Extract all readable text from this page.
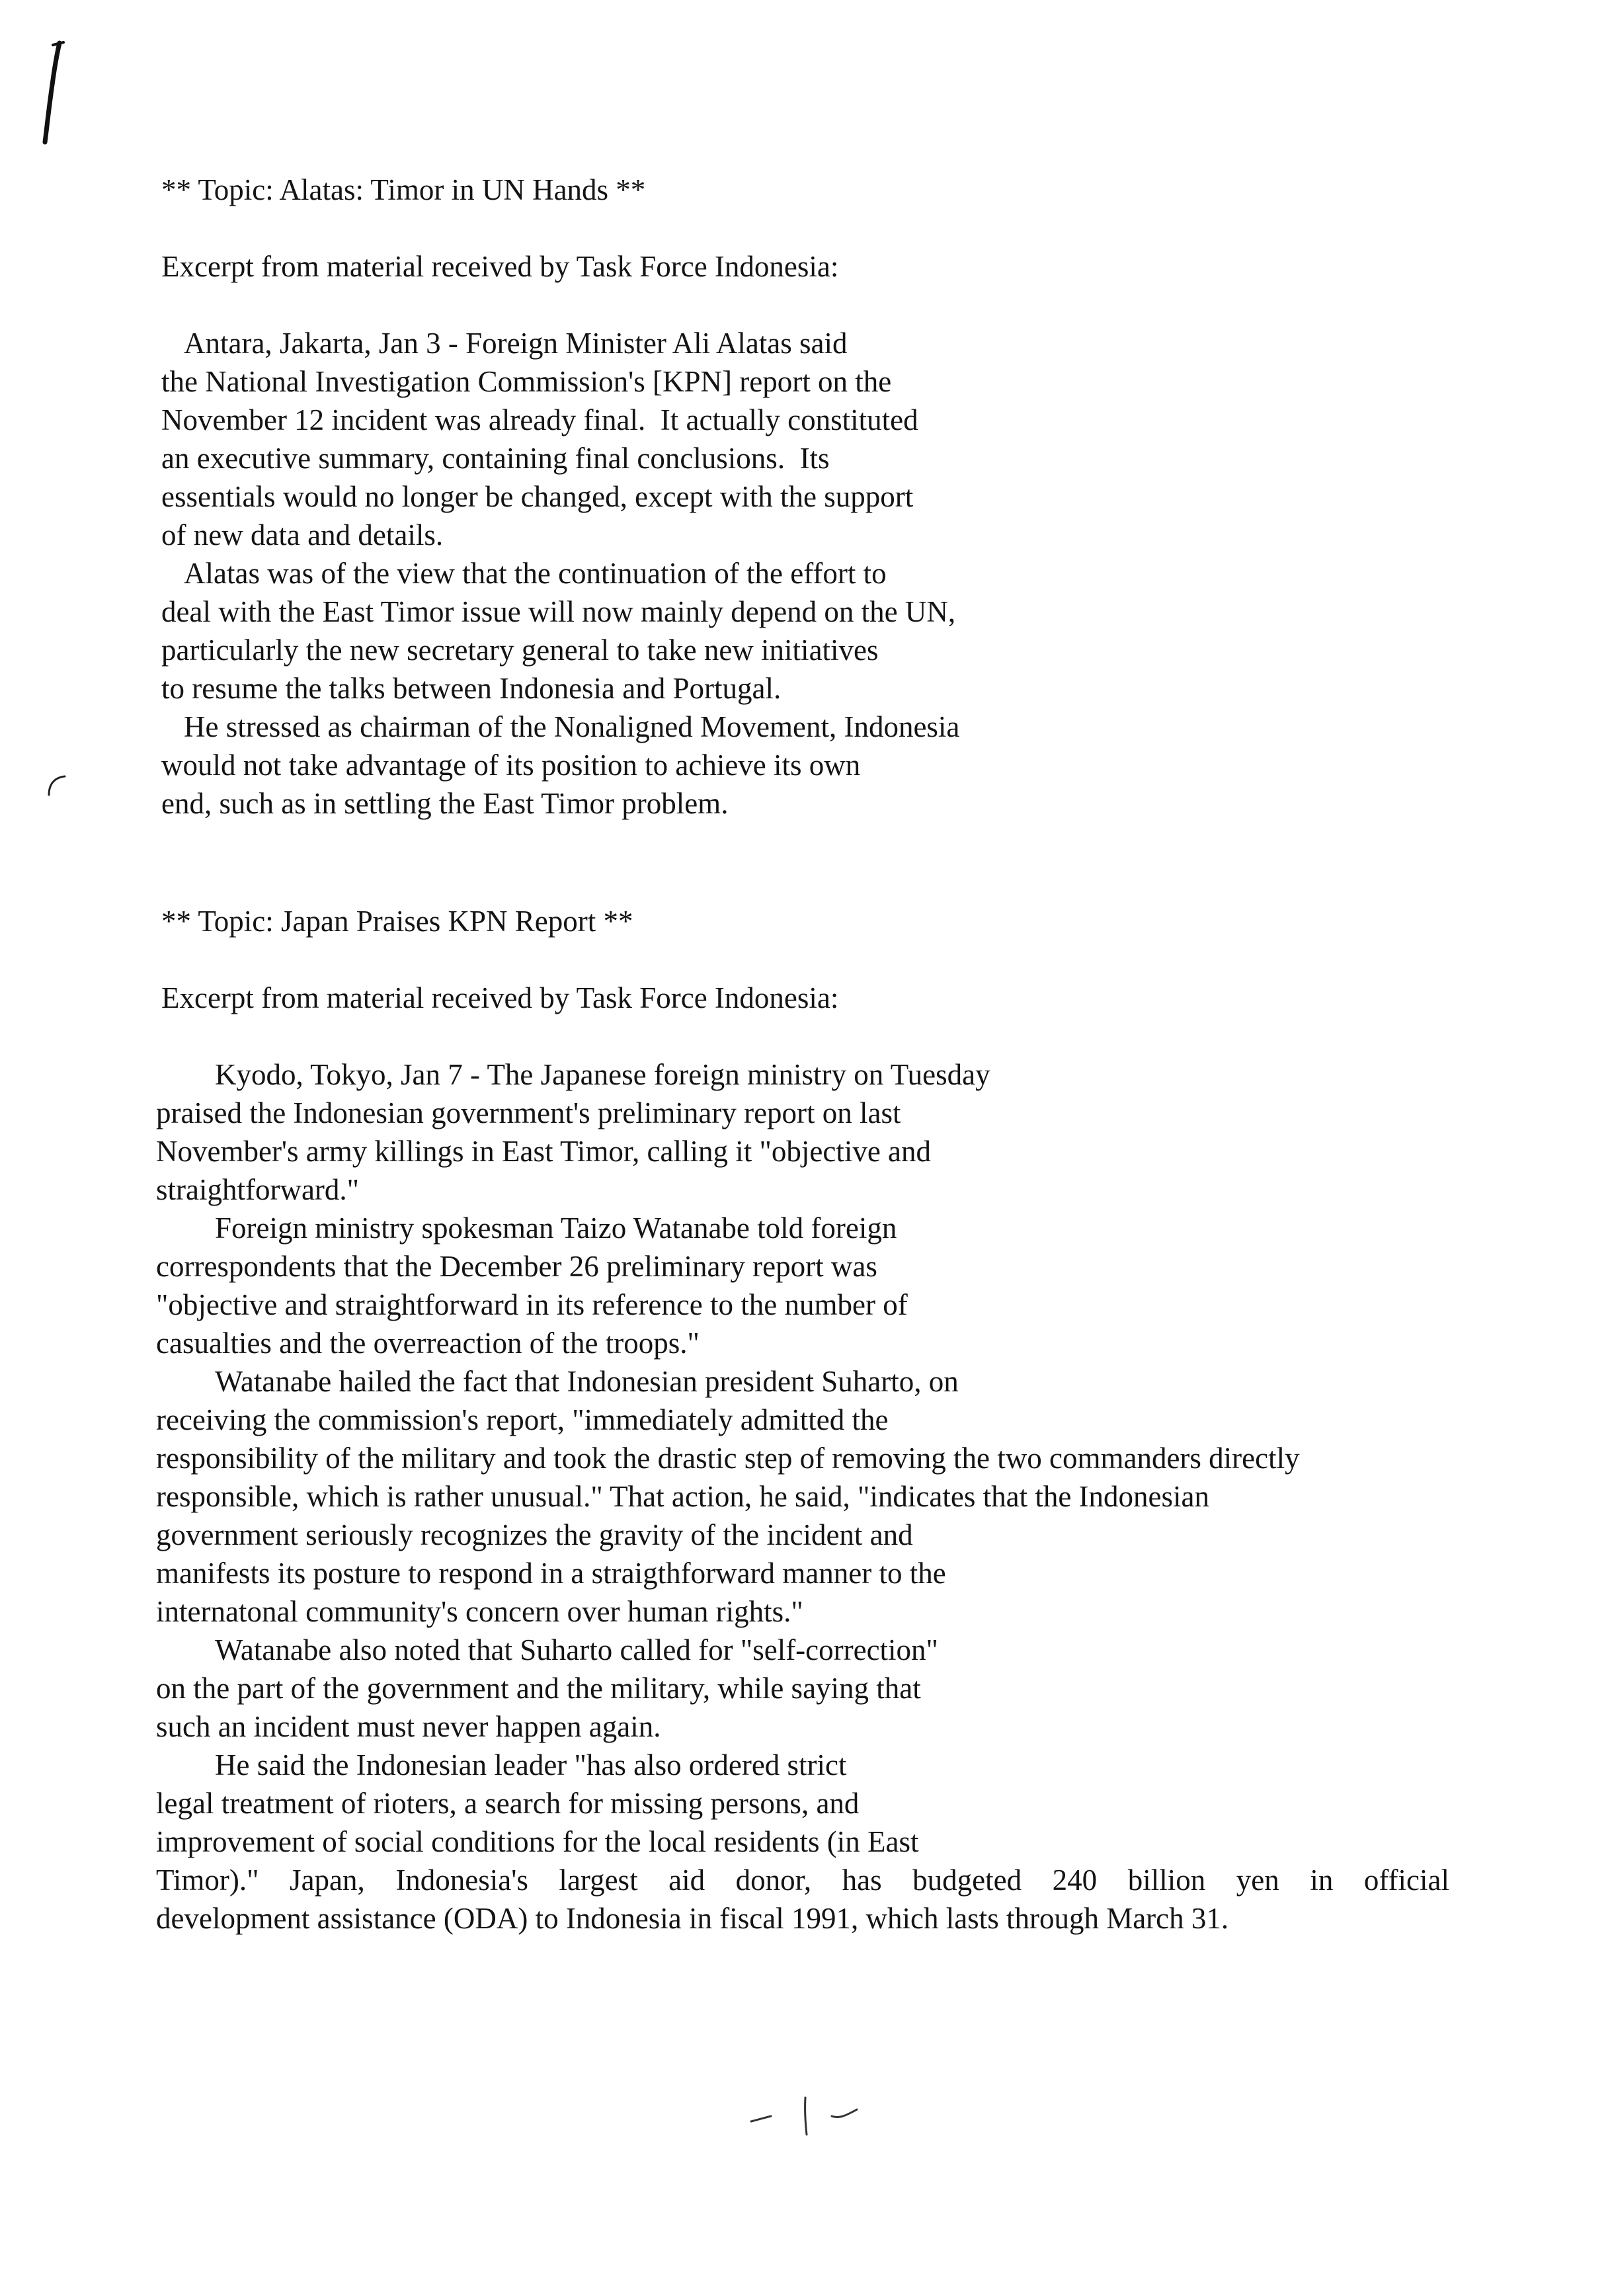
** Topic: Alatas: Timor in UN Hands **
Excerpt from material received by Task Force Indonesia:
Antara, Jakarta, Jan 3 - Foreign Minister Ali Alatas said
the National Investigation Commission's [KPN] report on the
November 12 incident was already final.  It actually constituted
an executive summary, containing final conclusions.  Its
essentials would no longer be changed, except with the support
of new data and details.
Alatas was of the view that the continuation of the effort to
deal with the East Timor issue will now mainly depend on the UN,
particularly the new secretary general to take new initiatives
to resume the talks between Indonesia and Portugal.
He stressed as chairman of the Nonaligned Movement, Indonesia
would not take advantage of its position to achieve its own
end, such as in settling the East Timor problem.
** Topic: Japan Praises KPN Report **
Excerpt from material received by Task Force Indonesia:
Kyodo, Tokyo, Jan 7 - The Japanese foreign ministry on Tuesday
praised the Indonesian government's preliminary report on last
November's army killings in East Timor, calling it "objective and
straightforward."
Foreign ministry spokesman Taizo Watanabe told foreign
correspondents that the December 26 preliminary report was
"objective and straightforward in its reference to the number of
casualties and the overreaction of the troops."
Watanabe hailed the fact that Indonesian president Suharto, on
receiving the commission's report, "immediately admitted the
responsibility of the military and took the drastic step of removing the two commanders directly
responsible, which is rather unusual." That action, he said, "indicates that the Indonesian
government seriously recognizes the gravity of the incident and
manifests its posture to respond in a straigthforward manner to the
internatonal community's concern over human rights."
Watanabe also noted that Suharto called for "self-correction"
on the part of the government and the military, while saying that
such an incident must never happen again.
He said the Indonesian leader "has also ordered strict
legal treatment of rioters, a search for missing persons, and
improvement of social conditions for the local residents (in East
Timor)." Japan, Indonesia's largest aid donor, has budgeted 240 billion yen in official
development assistance (ODA) to Indonesia in fiscal 1991, which lasts through March 31.
